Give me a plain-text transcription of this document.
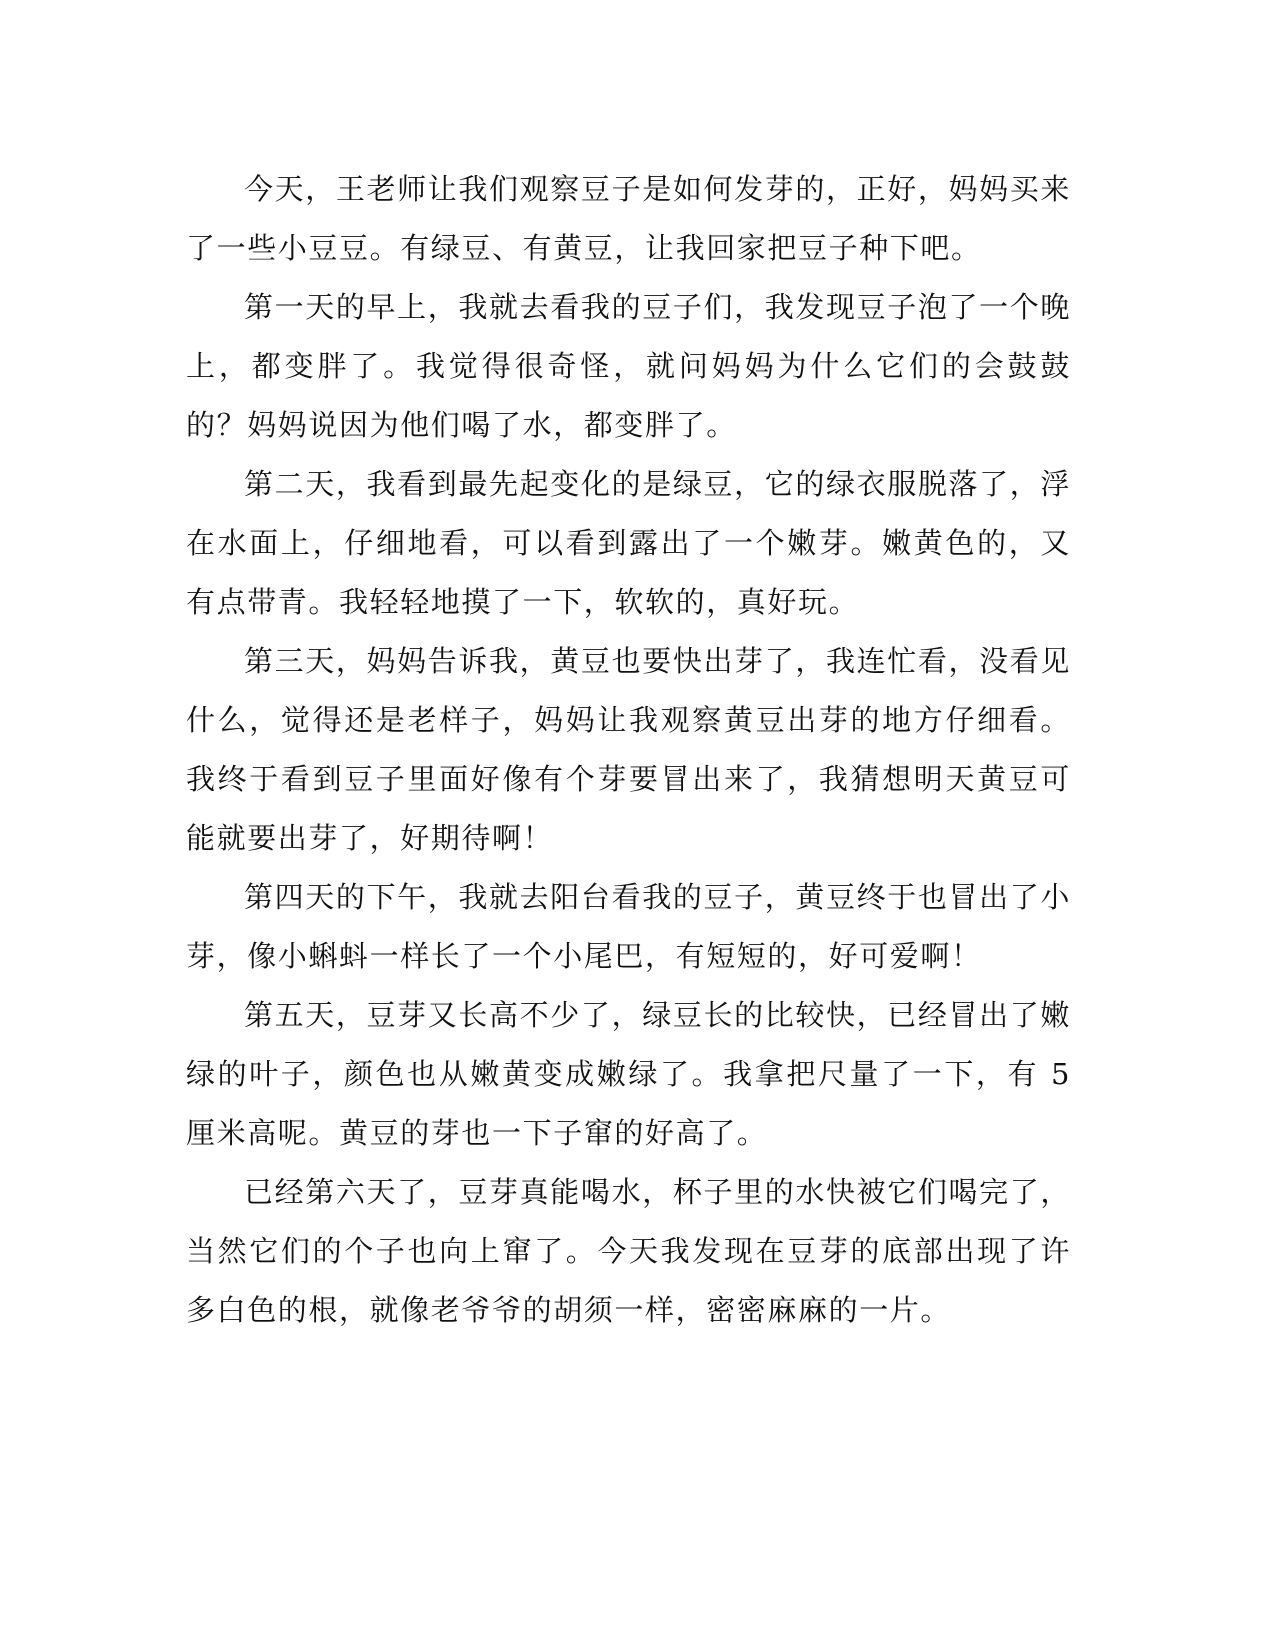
今天，王老师让我们观察豆子是如何发芽的，正好，妈妈买来了一些小豆豆。有绿豆、有黄豆，让我回家把豆子种下吧。

第一天的早上，我就去看我的豆子们，我发现豆子泡了一个晚上，都变胖了。我觉得很奇怪，就问妈妈为什么它们的会鼓鼓的？妈妈说因为他们喝了水，都变胖了。

第二天，我看到最先起变化的是绿豆，它的绿衣服脱落了，浮在水面上，仔细地看，可以看到露出了一个嫩芽。嫩黄色的，又有点带青。我轻轻地摸了一下，软软的，真好玩。

第三天，妈妈告诉我，黄豆也要快出芽了，我连忙看，没看见什么，觉得还是老样子，妈妈让我观察黄豆出芽的地方仔细看。我终于看到豆子里面好像有个芽要冒出来了，我猜想明天黄豆可能就要出芽了，好期待啊！

第四天的下午，我就去阳台看我的豆子，黄豆终于也冒出了小芽，像小蝌蚪一样长了一个小尾巴，有短短的，好可爱啊！

第五天，豆芽又长高不少了，绿豆长的比较快，已经冒出了嫩绿的叶子，颜色也从嫩黄变成嫩绿了。我拿把尺量了一下，有 5 厘米高呢。黄豆的芽也一下子窜的好高了。

已经第六天了，豆芽真能喝水，杯子里的水快被它们喝完了，当然它们的个子也向上窜了。今天我发现在豆芽的底部出现了许多白色的根，就像老爷爷的胡须一样，密密麻麻的一片。
